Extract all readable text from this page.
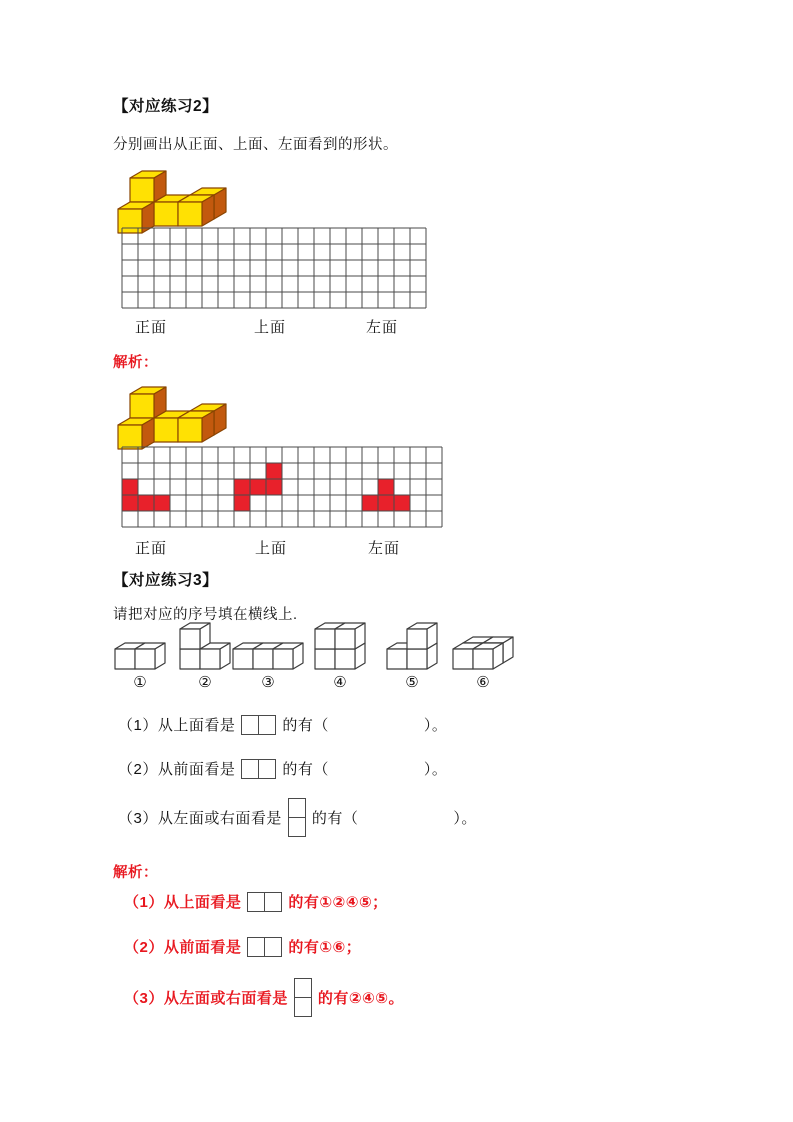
【对应练习2】
分别画出从正面、上面、左面看到的形状。
正面	上面	左面
解析：
正面	上面	左面
【对应练习3】
请把对应的序号填在横线上.
①	②	③	④	⑤	⑥
（1）从上面看是	的有（	）。
（2）从前面看是	的有（	）。
（3）从左面或右面看是 的有（	）。
解析：
（1）从上面看是	的有①②④⑤；
（2）从前面看是	的有①⑥；
（3）从左面或右面看是 的有②④⑤。
